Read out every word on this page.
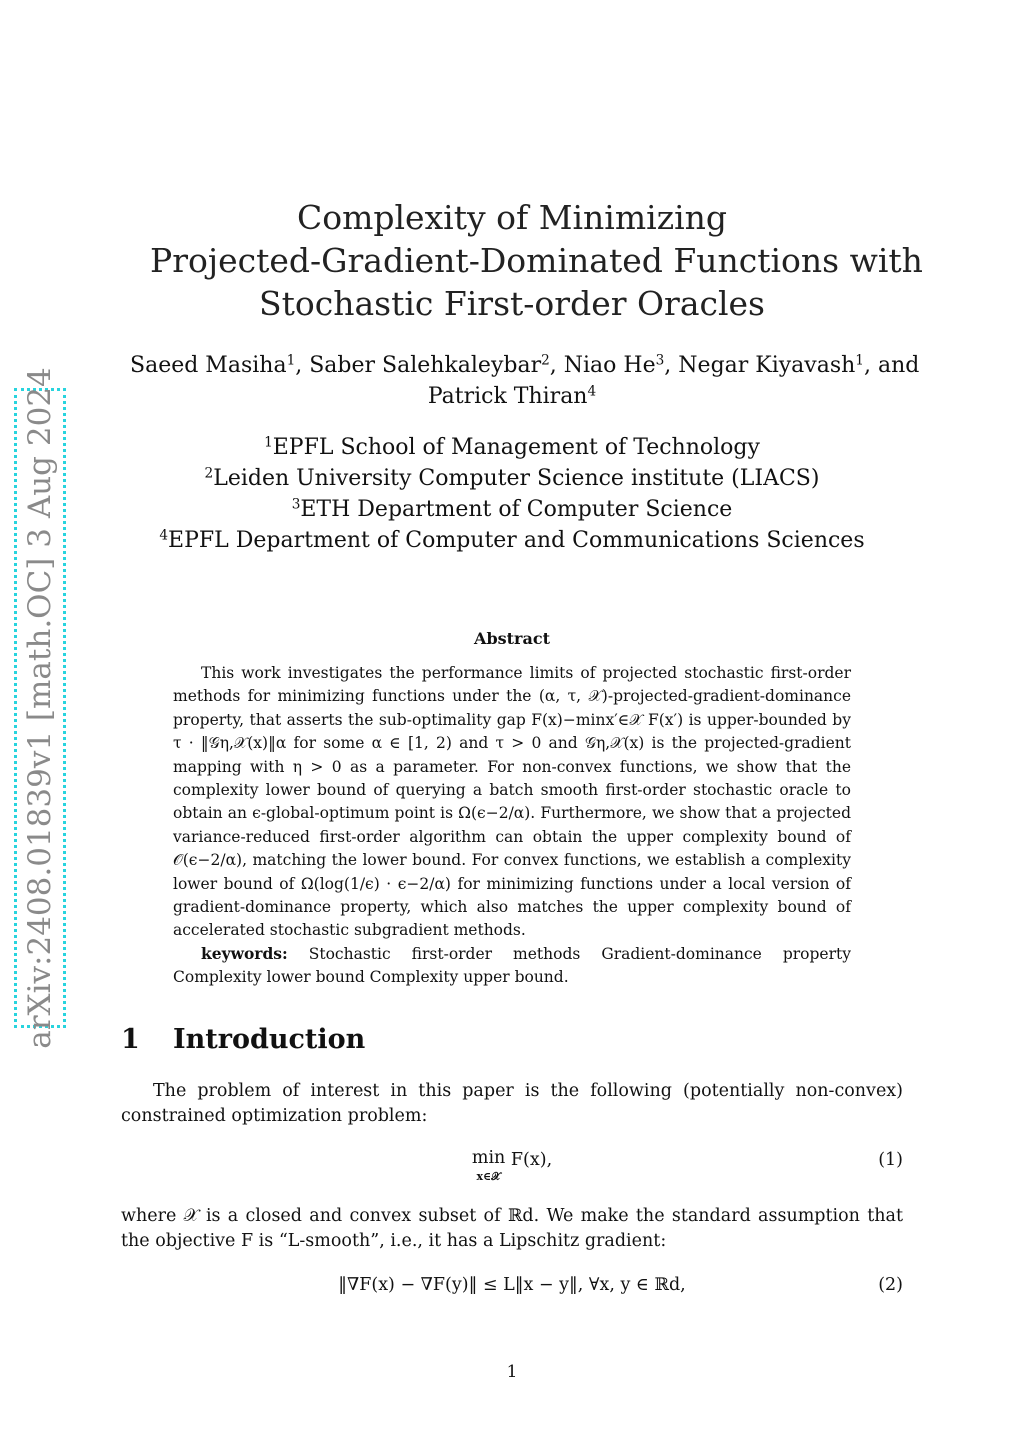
arXiv:2408.01839v1 [math.OC] 3 Aug 2024
Complexity of Minimizing
Projected-Gradient-Dominated Functions with
Stochastic First-order Oracles
Saeed Masiha$^1$, Saber Salehkaleybar$^2$, Niao He$^3$, Negar Kiyavash$^1$, and
Patrick Thiran$^4$
$^1$EPFL School of Management of Technology
$^2$Leiden University Computer Science institute (LIACS)
$^3$ETH Department of Computer Science
$^4$EPFL Department of Computer and Communications Sciences
Abstract

This work investigates the performance limits of projected stochastic first-order methods for minimizing functions under the (α, τ, 𝒳)-projected-gradient-dominance property, that asserts the sub-optimality gap F(x)−minx′∈𝒳 F(x′) is upper-bounded by τ · ‖𝒢η,𝒳(x)‖α for some α ∈ [1, 2) and τ > 0 and 𝒢η,𝒳(x) is the projected-gradient mapping with η > 0 as a parameter. For non-convex functions, we show that the complexity lower bound of querying a batch smooth first-order stochastic oracle to obtain an ϵ-global-optimum point is Ω(ϵ−2/α). Furthermore, we show that a projected variance-reduced first-order algorithm can obtain the upper complexity bound of 𝒪(ϵ−2/α), matching the lower bound. For convex functions, we establish a complexity lower bound of Ω(log(1/ϵ) · ϵ−2/α) for minimizing functions under a local version of gradient-dominance property, which also matches the upper complexity bound of accelerated stochastic subgradient methods.

keywords: Stochastic first-order methods Gradient-dominance property Complexity lower bound Complexity upper bound.

1 Introduction

The problem of interest in this paper is the following (potentially non-convex) constrained optimization problem:

min
x∈𝒳
F(x),	(1)

where 𝒳 is a closed and convex subset of ℝd. We make the standard assumption that the objective F is “L-smooth”, i.e., it has a Lipschitz gradient:

‖∇F(x) − ∇F(y)‖ ≤ L‖x − y‖, ∀x, y ∈ ℝd,	(2)
1
